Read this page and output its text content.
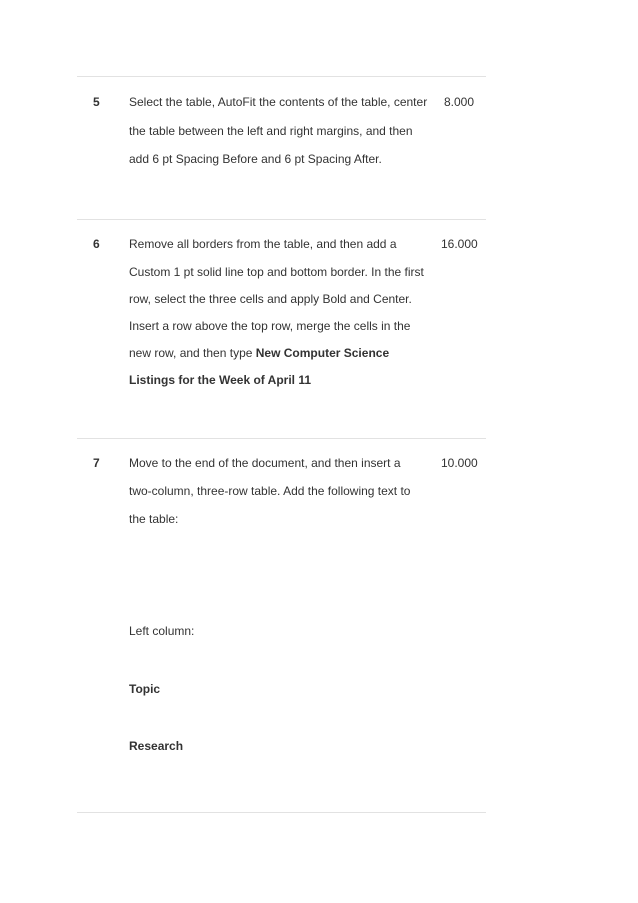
5 Select the table, AutoFit the contents of the table, center
the table between the left and right margins, and then
add 6 pt Spacing Before and 6 pt Spacing After.
8.000
6 Remove all borders from the table, and then add a
Custom 1 pt solid line top and bottom border. In the first
row, select the three cells and apply Bold and Center.
Insert a row above the top row, merge the cells in the
new row, and then type New Computer Science
Listings for the Week of April 11
16.000
7 Move to the end of the document, and then insert a
two-column, three-row table. Add the following text to
the table:
10.000
Left column:
Topic
Research
